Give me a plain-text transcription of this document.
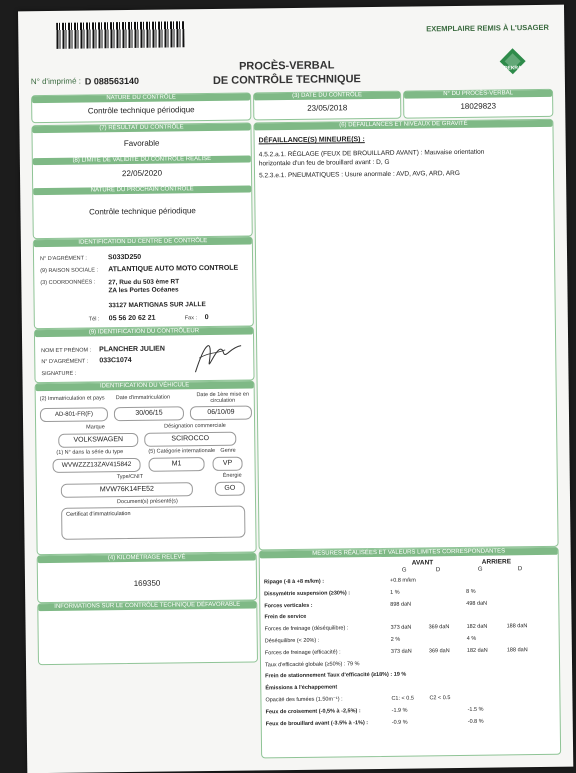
EXEMPLAIRE REMIS À L'USAGER
PROCÈS-VERBAL
DE CONTRÔLE TECHNIQUE
N° d'imprimé : D 088563140
DEKRA
NATURE DU CONTRÔLE
Contrôle technique périodique
(3) DATE DU CONTRÔLE
23/05/2018
N° DU PROCÈS-VERBAL
18029823
(7) RÉSULTAT DU CONTRÔLE
Favorable
(8) LIMITE DE VALIDITÉ DU CONTRÔLE RÉALISÉ
22/05/2020
NATURE DU PROCHAIN CONTRÔLE
Contrôle technique périodique
(6) DÉFAILLANCES ET NIVEAUX DE GRAVITÉ
DÉFAILLANCE(S) MINEURE(S) :
4.5.2.a.1. RÉGLAGE (FEUX DE BROUILLARD AVANT) : Mauvaise orientation
horizontale d'un feu de brouillard avant : D, G
5.2.3.e.1. PNEUMATIQUES : Usure anormale : AVD, AVG, ARD, ARG
IDENTIFICATION DU CENTRE DE CONTRÔLE
N° D'AGRÉMENT :	S033D250
(9) RAISON SOCIALE : ATLANTIQUE AUTO MOTO CONTROLE
(3) COORDONNÉES : 27, Rue du 503 ème RT
ZA les Portes Océanes
33127 MARTIGNAS SUR JALLE
Tél : 05 56 20 62 21	Fax : 0
(9) IDENTIFICATION DU CONTRÔLEUR
NOM ET PRÉNOM : PLANCHER JULIEN
N° D'AGRÉMENT : 033C1074
SIGNATURE :
IDENTIFICATION DU VÉHICULE
(2) Immatriculation et pays Date d'immatriculation	Date de 1ère mise en circulation
AD-801-FR(F)	30/06/15	06/10/09
Marque	Désignation commerciale
VOLKSWAGEN	SCIROCCO
(1) N° dans la série du type	(5) Catégorie internationale Genre
WVWZZZ13ZAV415842	M1	VP
Type/CNIT	Énergie
MVW76K14FE52	GO
Document(s) présenté(s)
Certificat d'immatriculation
(4) KILOMÉTRAGE RELEVÉ
169350
INFORMATIONS SUR LE CONTRÔLE TECHNIQUE DÉFAVORABLE
MESURES RÉALISÉES ET VALEURS LIMITES CORRESPONDANTES
AVANT	ARRIERE
G	D	G	D
Ripage (-8 à +8 m/km) :	+0.8 m/km
Dissymétrie suspension (≥30%) :	1 %	8 %
Forces verticales :	898 daN	498 daN
Frein de service
Forces de freinage (déséquilibre) :	373 daN	369 daN	182 daN	188 daN
Déséquilibre (< 20%) :	2 %	4 %
Forces de freinage (efficacité) :	373 daN	369 daN	182 daN	188 daN
Taux d'efficacité globale (≥50%) : 79 %
Frein de stationnement Taux d'efficacité (≥18%) : 19 %
Émissions à l'échappement
Opacité des fumées (1.50m⁻¹) :	C1: < 0.5	C2 < 0.5
Feux de croisement (-0,5% à -2,5%) :	-1.9 %	-1.5 %
Feux de brouillard avant (-3.5% à -1%) :	-0.9 %	-0.8 %
